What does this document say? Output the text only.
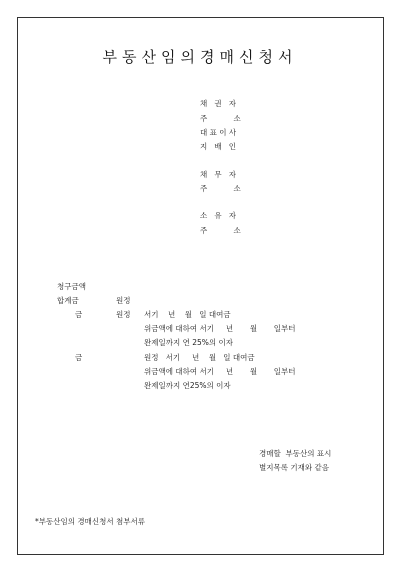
부동산임의경매신청서
채   권   자
주           소
대 표 이 사
지   배   인
채   무   자
주           소
소   유   자
주           소
청구금액
합계금	원정
금	원정 서기    년    월   일 대여금
위금액에 대하여 서기     년       월       일부터
완제일까지 연 25%의 이자
금	원정   서기     년    월   일 대여금
위금액에 대하여 서기     년       월       일부터
완제일까지 연25%의 이자
경매할  부동산의 표시
별지목록 기재와 같음
*부동산임의 경매신청서 첨부서류
